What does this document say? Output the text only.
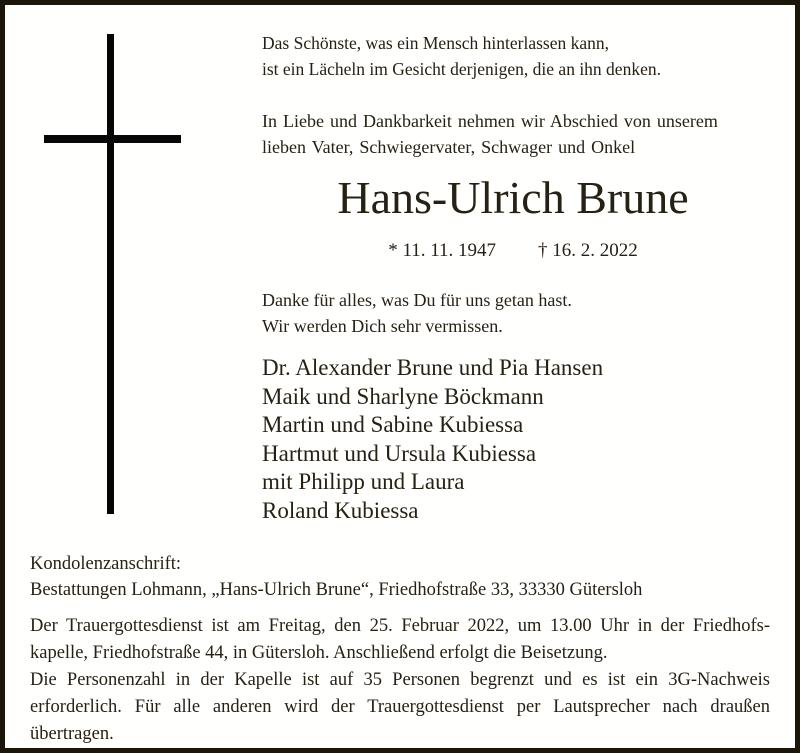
Das Schönste, was ein Mensch hinterlassen kann,
ist ein Lächeln im Gesicht derjenigen, die an ihn denken.
In Liebe und Dankbarkeit nehmen wir Abschied von unserem
lieben Vater, Schwiegervater, Schwager und Onkel
Hans-Ulrich Brune
* 11. 11. 1947 † 16. 2. 2022
Danke für alles, was Du für uns getan hast.
Wir werden Dich sehr vermissen.
Dr. Alexander Brune und Pia Hansen
Maik und Sharlyne Böckmann
Martin und Sabine Kubiessa
Hartmut und Ursula Kubiessa
mit Philipp und Laura
Roland Kubiessa
Kondolenzanschrift:
Bestattungen Lohmann, „Hans-Ulrich Brune“, Friedhofstraße 33, 33330 Gütersloh
Der Trauergottesdienst ist am Freitag, den 25. Februar 2022, um 13.00 Uhr in der Friedhofs-
kapelle, Friedhofstraße 44, in Gütersloh. Anschließend erfolgt die Beisetzung.
Die Personenzahl in der Kapelle ist auf 35 Personen begrenzt und es ist ein 3G-Nachweis
erforderlich. Für alle anderen wird der Trauergottesdienst per Lautsprecher nach draußen
übertragen.
